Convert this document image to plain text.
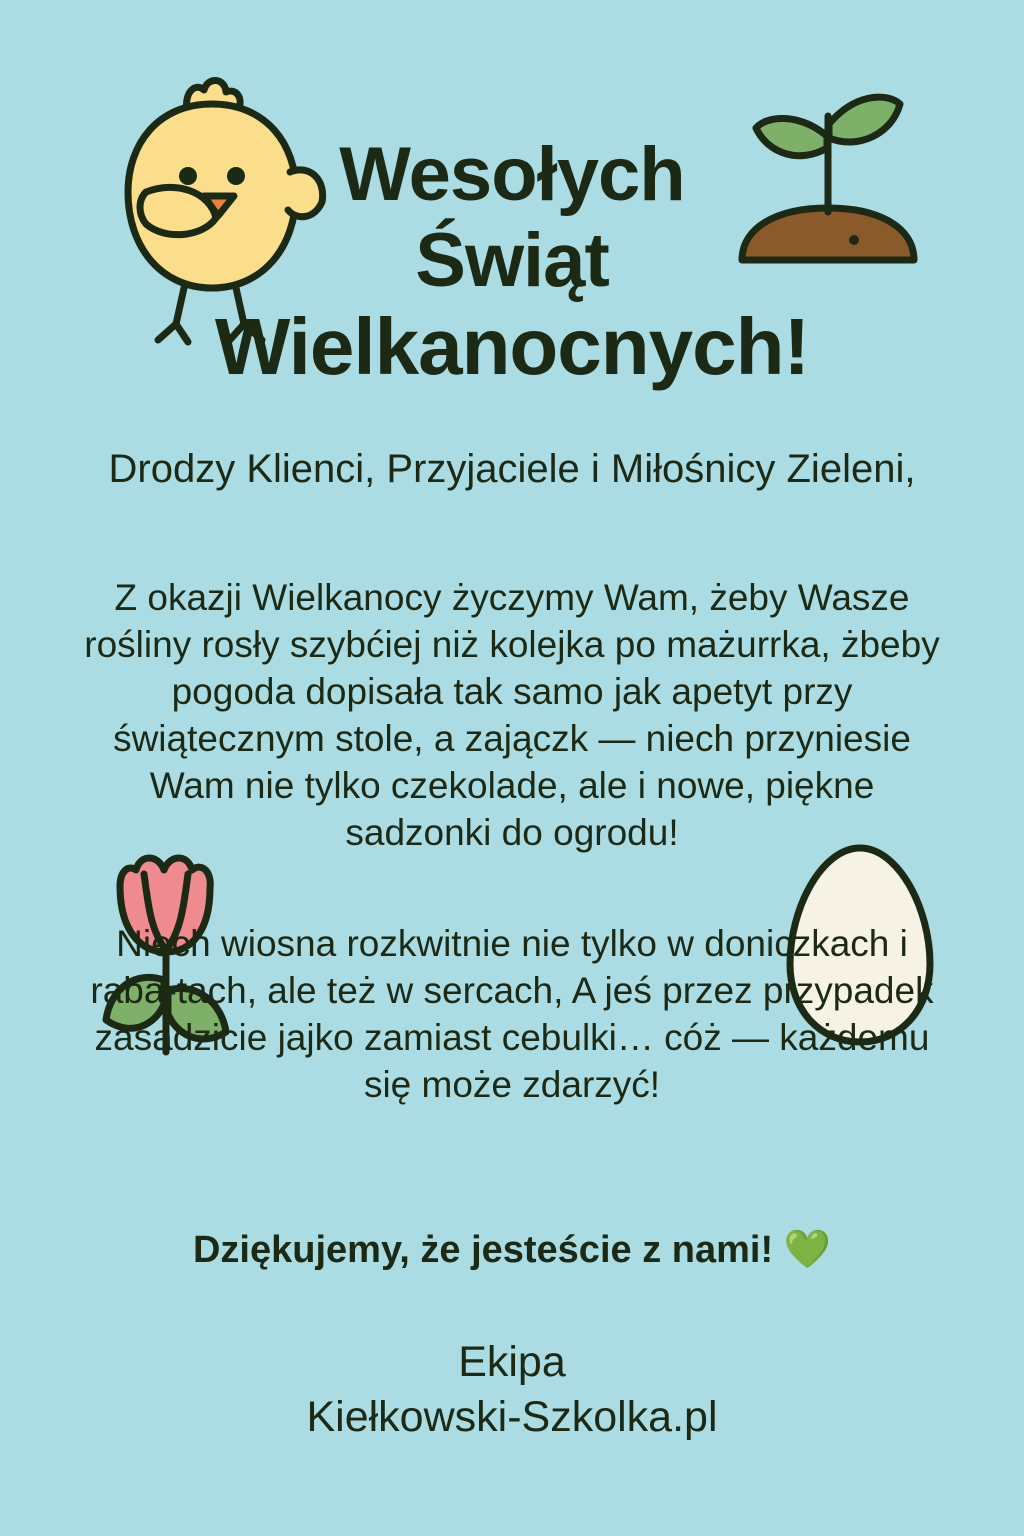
Wesołych
Świąt
Wielkanocnych!

Drodzy Klienci, Przyjaciele i Miłośnicy Zieleni,

Z okazji Wielkanocy życzymy Wam, żeby Wasze rośliny rosły szybćiej niż kolejka po mażurrka, żbeby pogoda dopisała tak samo jak apetyt przy świątecznym stole, a zajączk — niech przyniesie Wam nie tylko czekolade, ale i nowe, piękne sadzonki do ogrodu!

Niech wiosna rozkwitnie nie tylko w doniczkach i raba-tach, ale też w sercach, A jeś przez przypadek zasadzicie jajko zamiast cebulki… cóż — każdemu się może zdarzyć!

Dziękujemy, że jesteście z nami! 💚

Ekipa
Kiełkowski-Szkolka.pl
